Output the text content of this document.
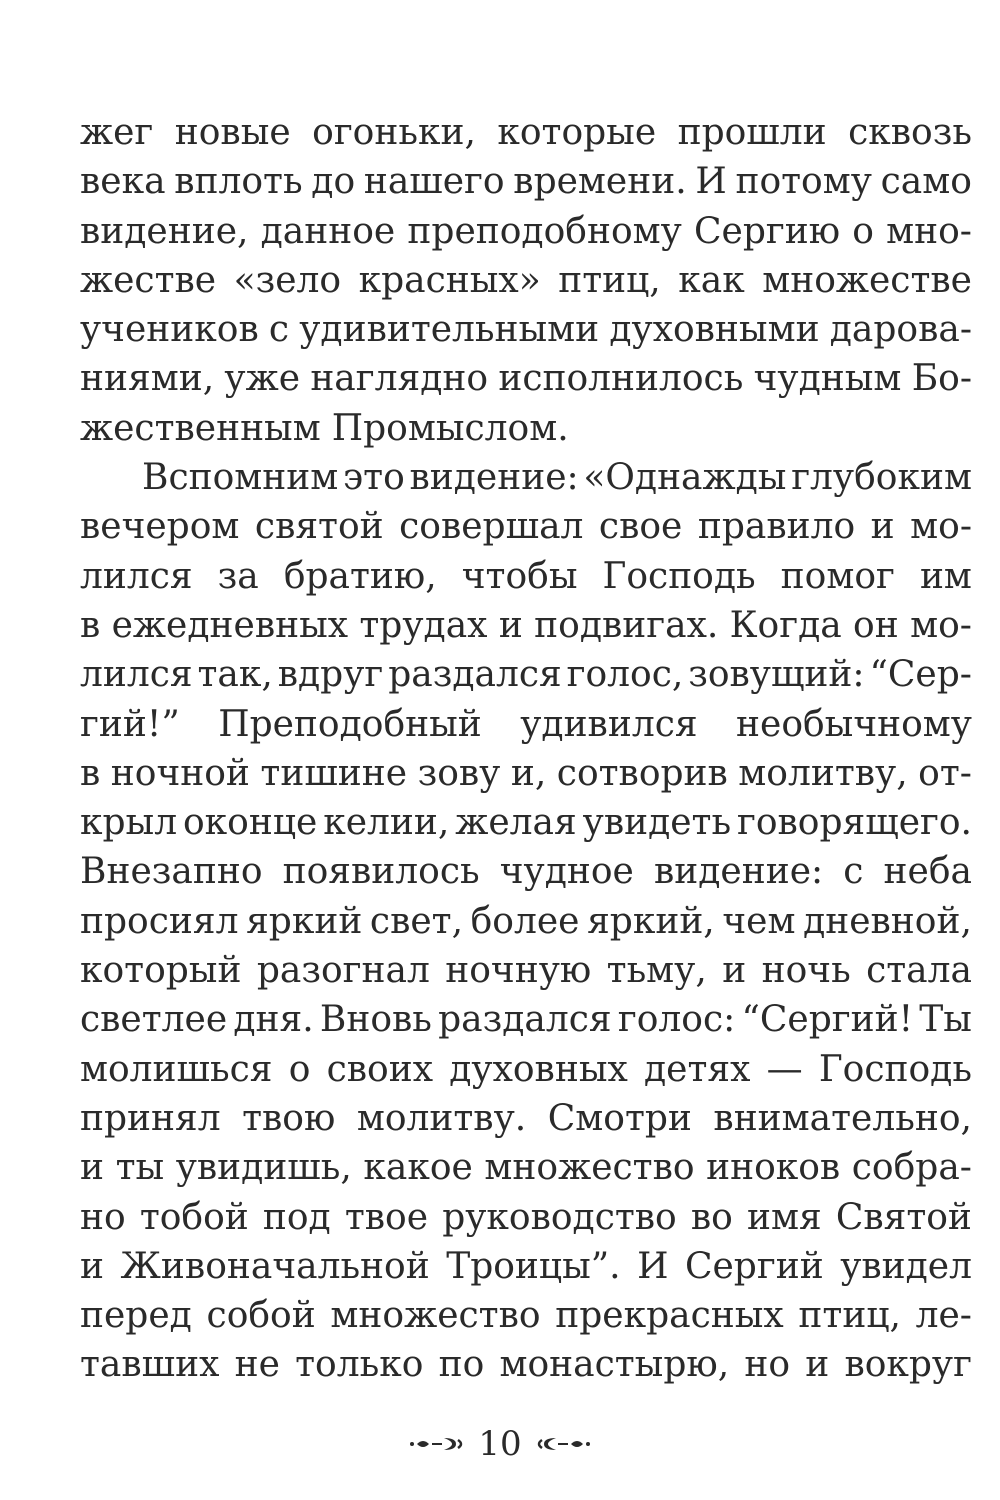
жег новые огоньки, которые прошли сквозь
века вплоть до нашего времени. И потому само
видение, данное преподобному Сергию о мно-
жестве «зело красных» птиц, как множестве
учеников с удивительными духовными дарова-
ниями, уже наглядно исполнилось чудным Бо-
жественным Промыслом.
Вспомним это видение: «Однажды глубоким
вечером святой совершал свое правило и мо-
лился за братию, чтобы Господь помог им
в ежедневных трудах и подвигах. Когда он мо-
лился так, вдруг раздался голос, зовущий: “Сер-
гий!” Преподобный удивился необычному
в ночной тишине зову и, сотворив молитву, от-
крыл оконце келии, желая увидеть говорящего.
Внезапно появилось чудное видение: с неба
просиял яркий свет, более яркий, чем дневной,
который разогнал ночную тьму, и ночь стала
светлее дня. Вновь раздался голос: “Сергий! Ты
молишься о своих духовных детях — Господь
принял твою молитву. Смотри внимательно,
и ты увидишь, какое множество иноков собра-
но тобой под твое руководство во имя Святой
и Живоначальной Троицы”. И Сергий увидел
перед собой множество прекрасных птиц, ле-
тавших не только по монастырю, но и вокруг
10
